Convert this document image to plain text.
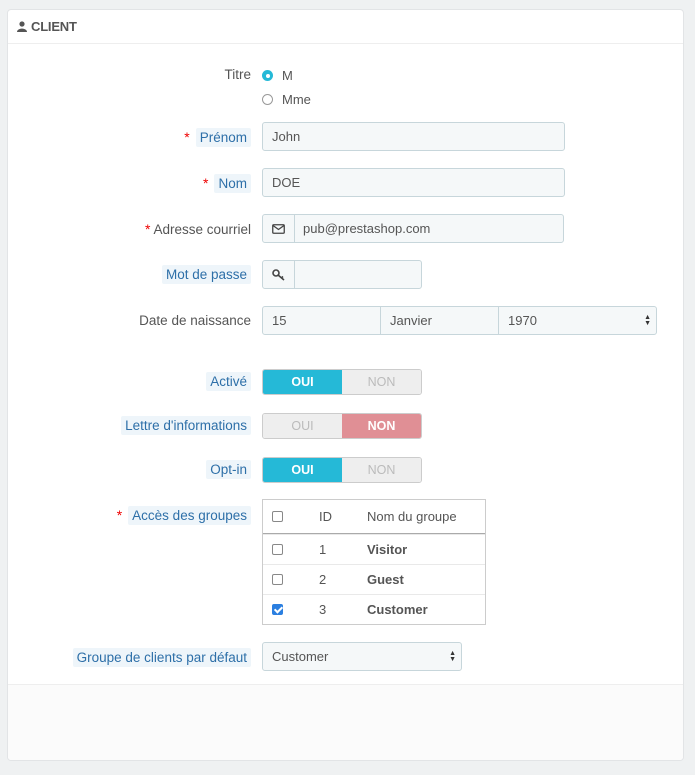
CLIENT
Titre M
Mme
* Prénom	John
* Nom	DOE
* Adresse courriel	pub@prestashop.com
Mot de passe
Date de naissance 15	Janvier	1970	▲
▼
Activé	OUI	NON
Lettre d'informations	OUI	NON
Opt-in	OUI	NON
* Accès des groupes	ID	Nom du groupe
1	Visitor
2	Guest
3	Customer
Groupe de clients par défaut	Customer	▲
▼
